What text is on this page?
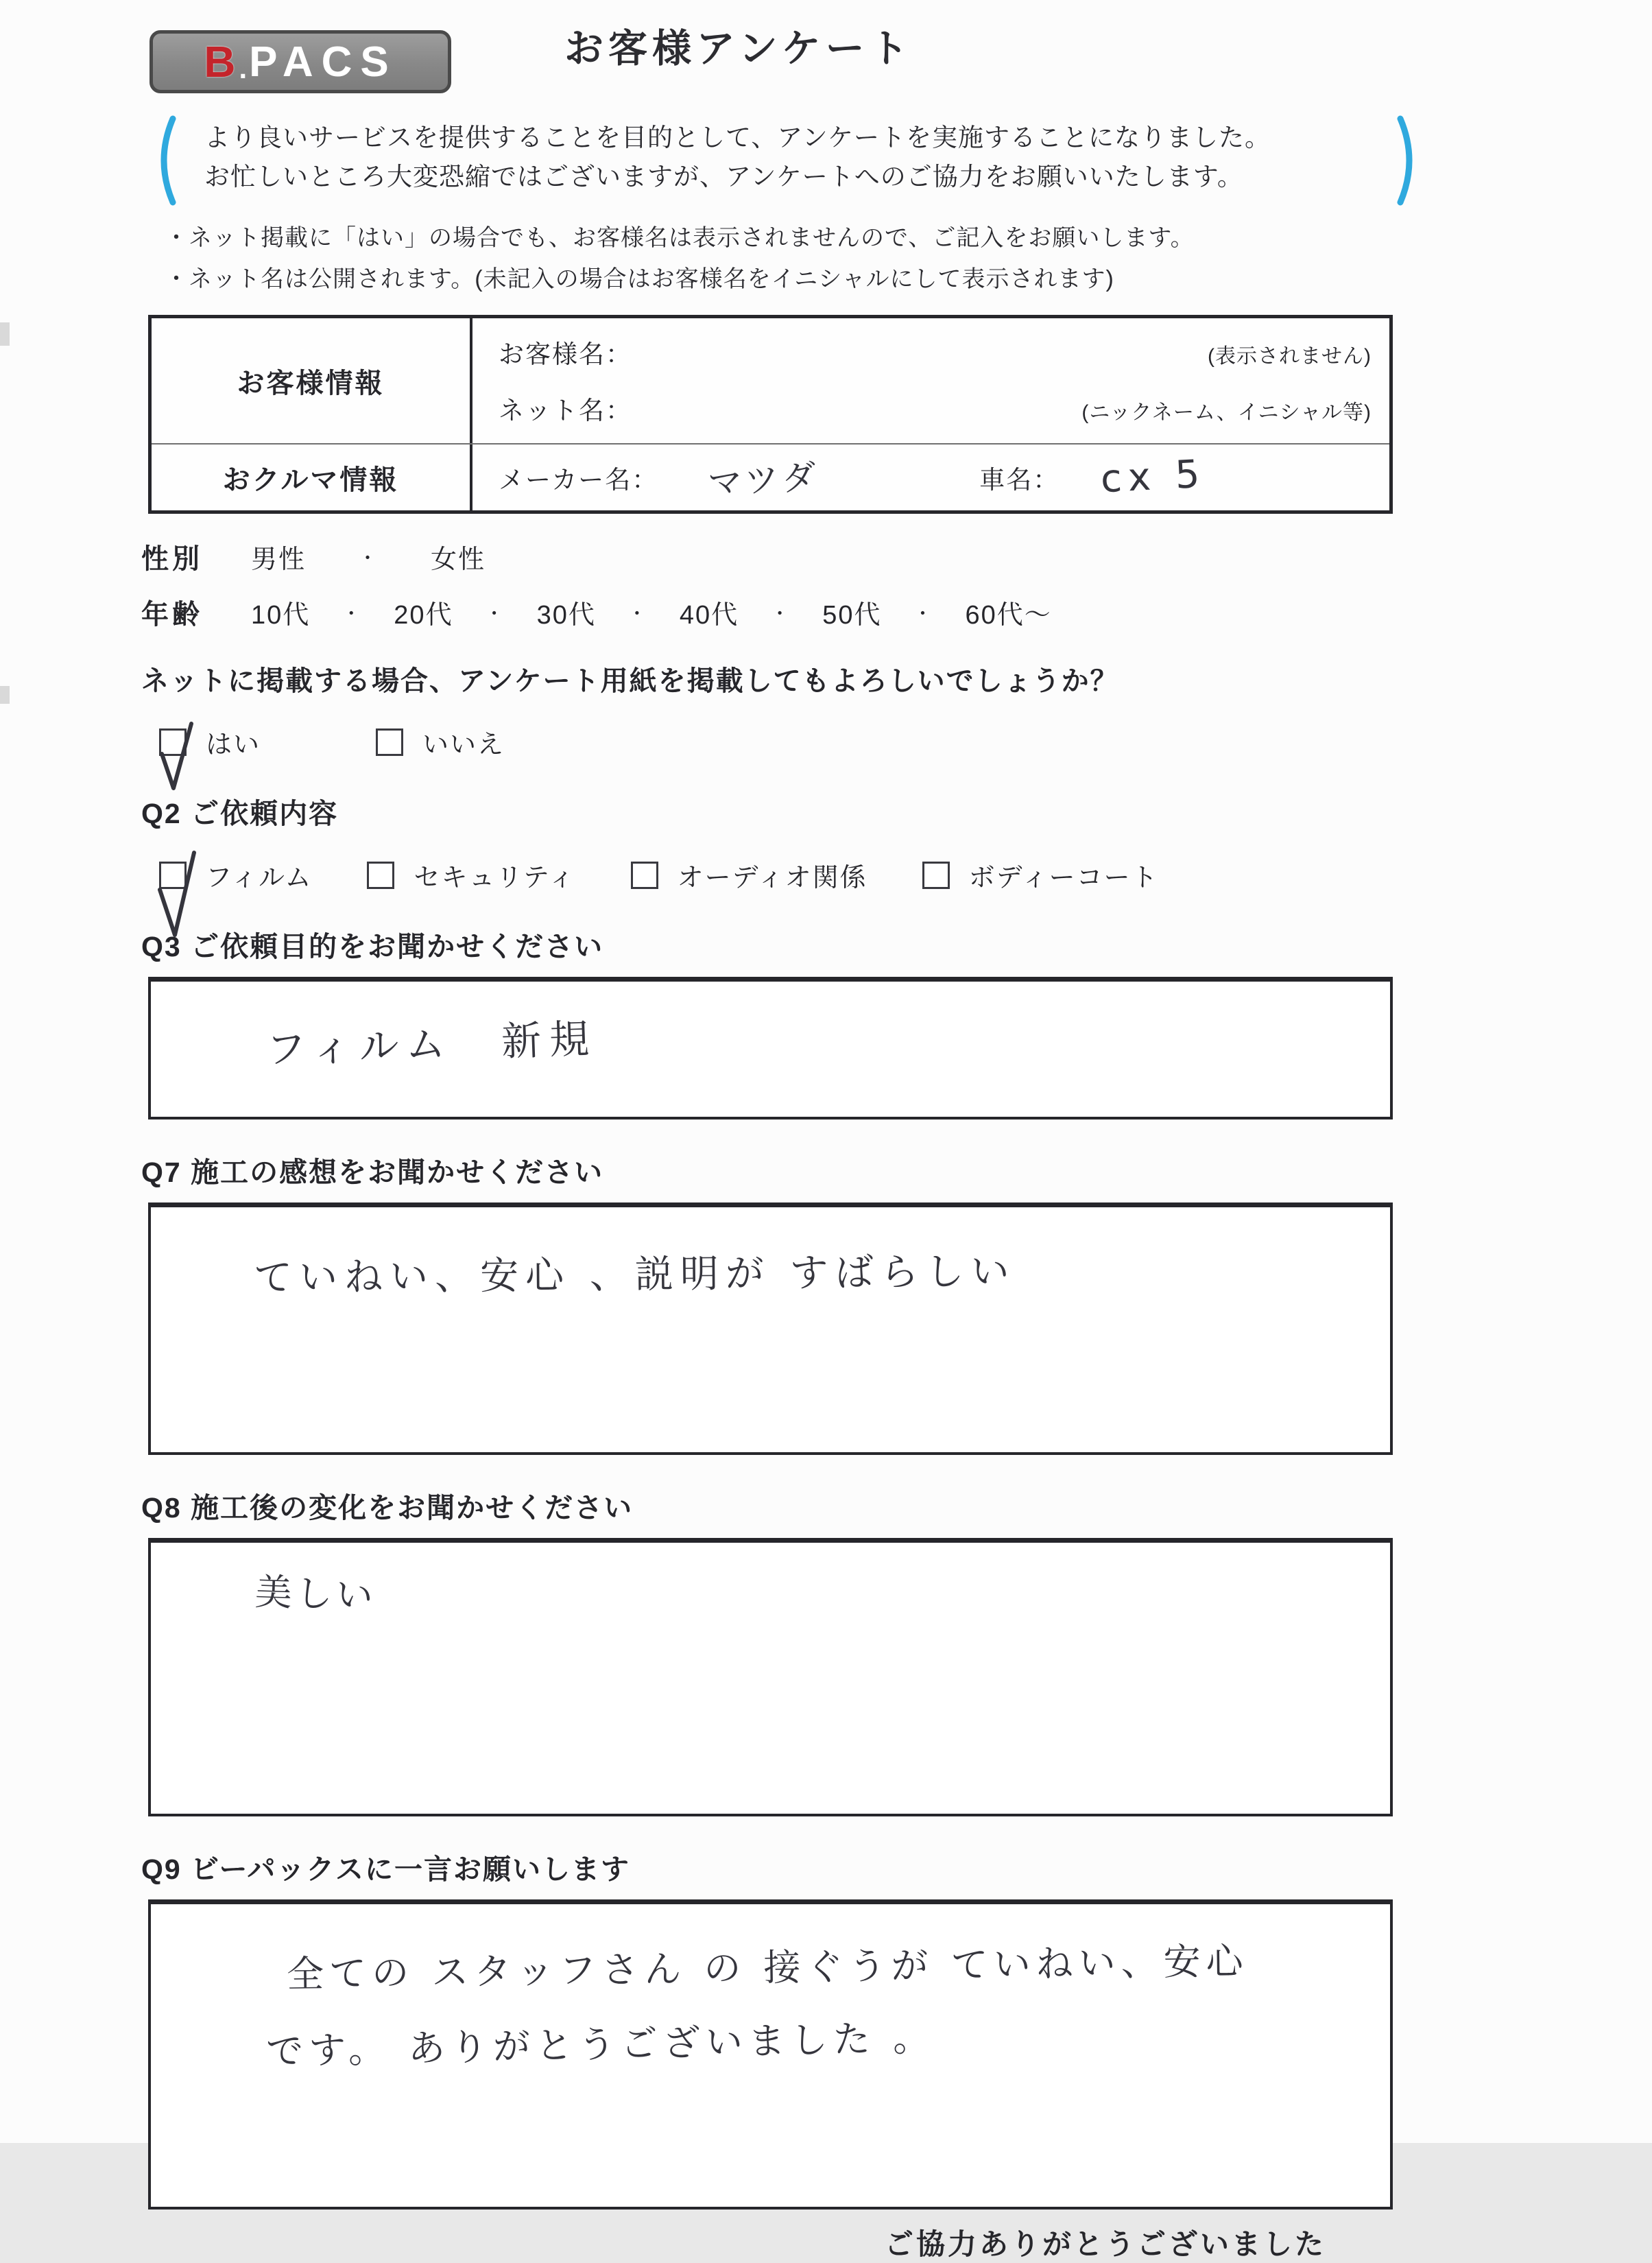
B . PACS	お客様アンケート
より良いサービスを提供することを目的として、アンケートを実施することになりました。
お忙しいところ大変恐縮ではございますが、アンケートへのご協力をお願いいたします。
・ネット掲載に「はい」の場合でも、お客様名は表示されませんので、ご記入をお願いします。
・ネット名は公開されます。(未記入の場合はお客様名をイニシャルにして表示されます)
お客様情報
お客様名：	(表示されません)
ネット名：	(ニックネーム、イニシャル等)
おクルマ情報	メーカー名：	マツダ	車名：	cx 5
性別 男性	・ 女性
年齢 10代 ・ 20代 ・ 30代 ・ 40代 ・ 50代 ・ 60代〜
ネットに掲載する場合、アンケート用紙を掲載してもよろしいでしょうか？
はい	いいえ
Q2 ご依頼内容
フィルム	セキュリティ	オーディオ関係	ボディーコート
Q3 ご依頼目的をお聞かせください
フィルム　新規
Q7 施工の感想をお聞かせください
ていねい、安心 、説明が すばらしい
Q8 施工後の変化をお聞かせください
美しい
Q9 ビーパックスに一言お願いします
全ての スタッフさん の 接ぐうが ていねい、安心
です。 ありがとうございました 。
ご協力ありがとうございました
